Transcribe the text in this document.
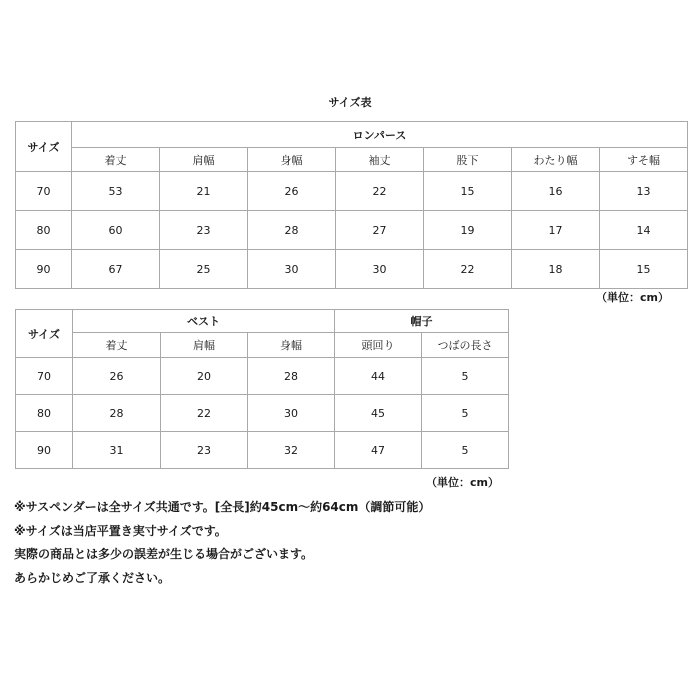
サイズ表
サイズ	ロンパース						
	着丈	肩幅	身幅	袖丈	股下	わたり幅	すそ幅
70	53	21	26	22	15	16	13
80	60	23	28	27	19	17	14
90	67	25	30	30	22	18	15
（単位：cm）
サイズ	ベスト			帽子	
	着丈	肩幅	身幅	頭回り	つばの長さ
70	26	20	28	44	5
80	28	22	30	45	5
90	31	23	32	47	5
（単位：cm）
※サスペンダーは全サイズ共通です。[全長]約45cm〜約64cm（調節可能）
※サイズは当店平置き実寸サイズです。
実際の商品とは多少の誤差が生じる場合がございます。
あらかじめご了承ください。
